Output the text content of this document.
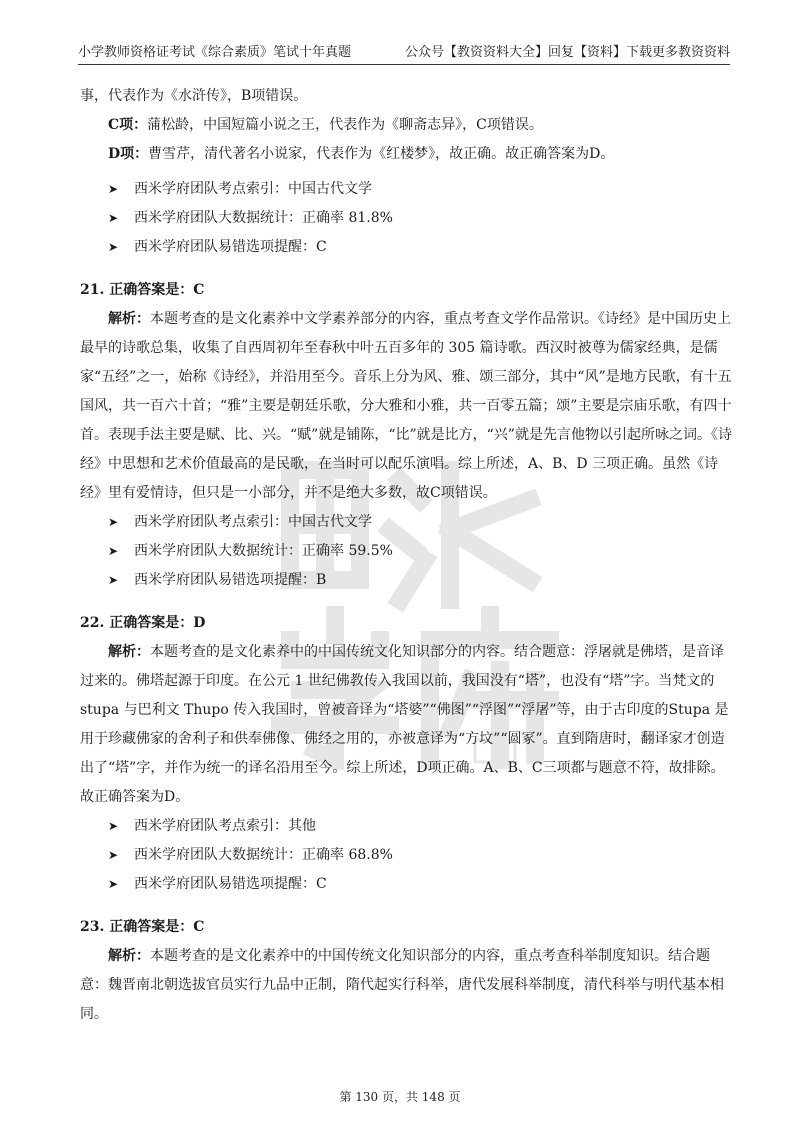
小学教师资格证考试《综合素质》笔试十年真题	公众号【教资资料大全】回复【资料】下载更多教资资料

事，代表作为《水浒传》，B项错误。

C项：蒲松龄，中国短篇小说之王，代表作为《聊斋志异》，C项错误。

D项：曹雪芹，清代著名小说家，代表作为《红楼梦》，故正确。故正确答案为D。

➤ 西米学府团队考点索引：中国古代文学

➤ 西米学府团队大数据统计：正确率 81.8%

➤ 西米学府团队易错选项提醒：C

21. 正确答案是：C

解析：本题考查的是文化素养中文学素养部分的内容，重点考查文学作品常识。《诗经》是中国历史上最早的诗歌总集，收集了自西周初年至春秋中叶五百多年的 305 篇诗歌。西汉时被尊为儒家经典，是儒家“五经”之一，始称《诗经》，并沿用至今。音乐上分为风、雅、颂三部分，其中“风”是地方民歌，有十五国风，共一百六十首；“雅”主要是朝廷乐歌，分大雅和小雅，共一百零五篇；颂”主要是宗庙乐歌，有四十首。表现手法主要是赋、比、兴。“赋”就是铺陈，“比”就是比方，“兴”就是先言他物以引起所咏之词。《诗经》中思想和艺术价值最高的是民歌，在当时可以配乐演唱。综上所述，A、B、D 三项正确。虽然《诗经》里有爱情诗，但只是一小部分，并不是绝大多数，故C项错误。

➤ 西米学府团队考点索引：中国古代文学

➤ 西米学府团队大数据统计：正确率 59.5%

➤ 西米学府团队易错选项提醒：B

22. 正确答案是：D

解析：本题考查的是文化素养中的中国传统文化知识部分的内容。结合题意：浮屠就是佛塔，是音译过来的。佛塔起源于印度。在公元 1 世纪佛教传入我国以前，我国没有“塔”，也没有“塔”字。当梵文的 stupa 与巴利文 Thupo 传入我国时，曾被音译为“塔婆”“佛图”“浮图”“浮屠”等，由于古印度的Stupa 是用于珍藏佛家的舍利子和供奉佛像、佛经之用的，亦被意译为“方坟”“圆冢”。直到隋唐时，翻译家才创造出了“塔”字，并作为统一的译名沿用至今。综上所述，D项正确。A、B、C三项都与题意不符，故排除。故正确答案为D。

➤ 西米学府团队考点索引：其他

➤ 西米学府团队大数据统计：正确率 68.8%

➤ 西米学府团队易错选项提醒：C

23. 正确答案是：C

解析：本题考查的是文化素养中的中国传统文化知识部分的内容，重点考查科举制度知识。结合题意：魏晋南北朝选拔官员实行九品中正制，隋代起实行科举，唐代发展科举制度，清代科举与明代基本相同。

第 130 页，共 148 页
